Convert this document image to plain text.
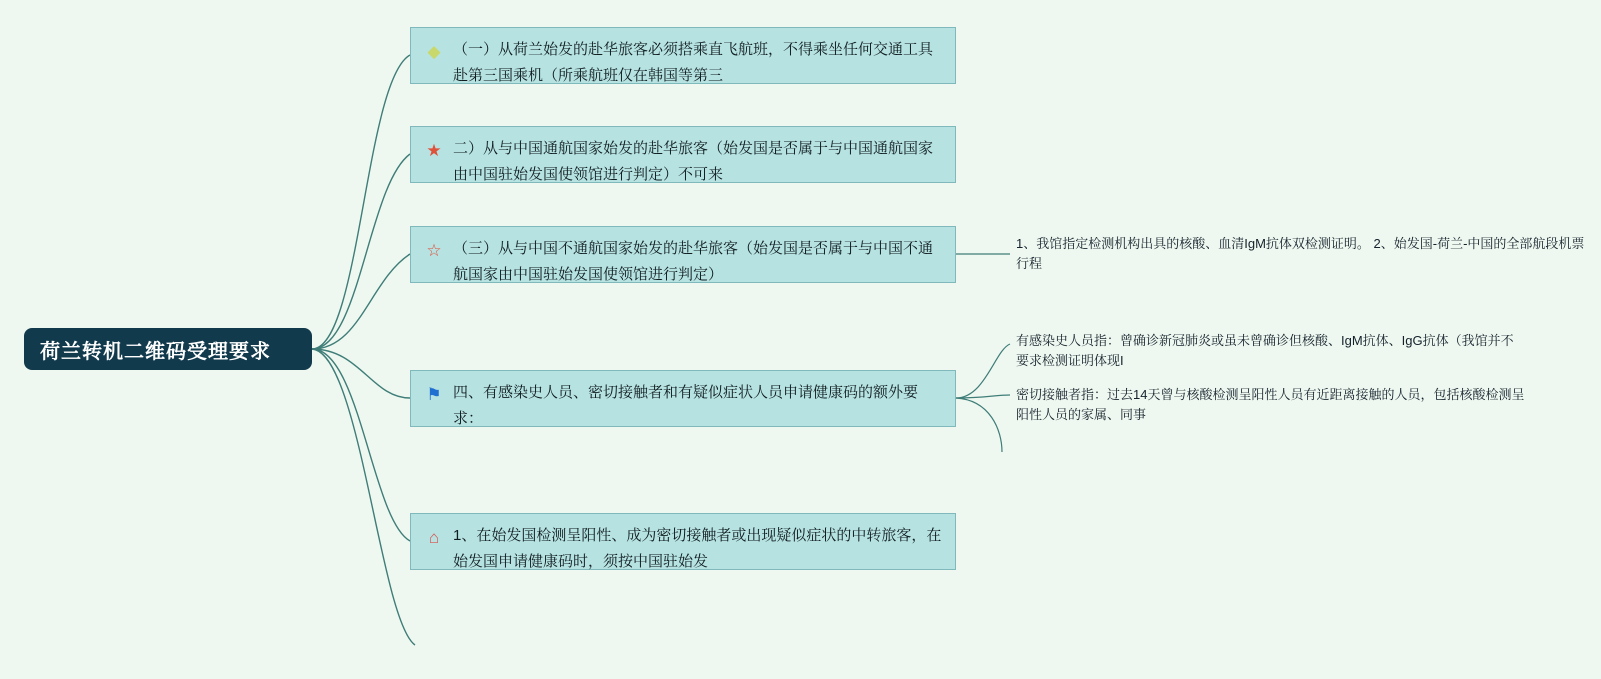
荷兰转机二维码受理要求
◆ （一）从荷兰始发的赴华旅客必须搭乘直飞航班，不得乘坐任何交通工具赴第三国乘机（所乘航班仅在韩国等第三
★ 二）从与中国通航国家始发的赴华旅客（始发国是否属于与中国通航国家由中国驻始发国使领馆进行判定）不可来
☆ （三）从与中国不通航国家始发的赴华旅客（始发国是否属于与中国不通航国家由中国驻始发国使领馆进行判定）
1、我馆指定检测机构出具的核酸、血清IgM抗体双检测证明。 2、始发国-荷兰-中国的全部航段机票行程
⚑ 四、有感染史人员、密切接触者和有疑似症状人员申请健康码的额外要求：
有感染史人员指：曾确诊新冠肺炎或虽未曾确诊但核酸、IgM抗体、IgG抗体（我馆并不要求检测证明体现I
密切接触者指：过去14天曾与核酸检测呈阳性人员有近距离接触的人员，包括核酸检测呈阳性人员的家属、同事
⌂ 1、在始发国检测呈阳性、成为密切接触者或出现疑似症状的中转旅客，在始发国申请健康码时，须按中国驻始发
